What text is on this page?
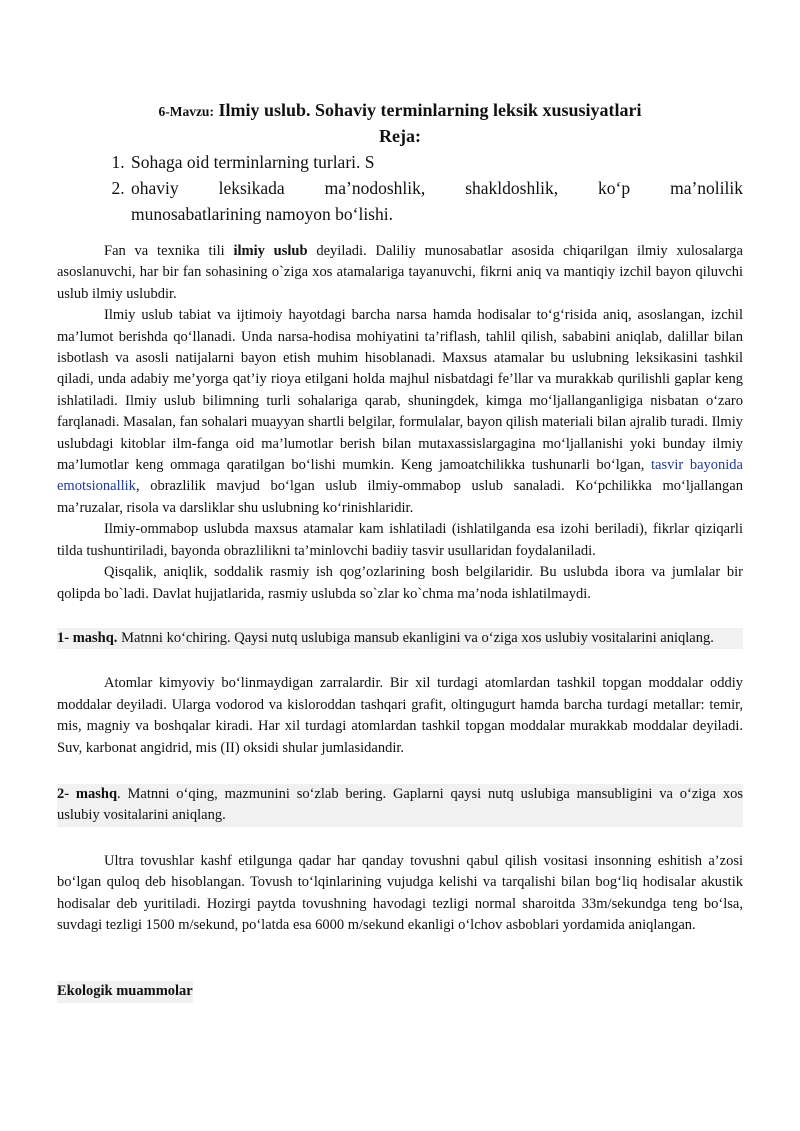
6-Mavzu: Ilmiy uslub. Sohaviy terminlarning leksik xususiyatlari
Reja:
1. Sohaga oid terminlarning turlari. S
2. ohaviy leksikada ma’nodoshlik, shakldoshlik, ko‘p ma’nolilik
munosabatlarining namoyon bo‘lishi.

Fan va texnika tili ilmiy uslub deyiladi. Daliliy munosabatlar asosida chiqarilgan ilmiy xulosalarga asoslanuvchi, har bir fan sohasining o`ziga xos atamalariga tayanuvchi, fikrni aniq va mantiqiy izchil bayon qiluvchi uslub ilmiy uslubdir.

Ilmiy uslub tabiat va ijtimoiy hayotdagi barcha narsa hamda hodisalar to‘g‘risida aniq, asoslangan, izchil ma’lumot berishda qo‘llanadi. Unda narsa-hodisa mohiyatini ta’riflash, tahlil qilish, sababini aniqlab, dalillar bilan isbotlash va asosli natijalarni bayon etish muhim hisoblanadi. Maxsus atamalar bu uslubning leksikasini tashkil qiladi, unda adabiy me’yorga qat’iy rioya etilgani holda majhul nisbatdagi fe’llar va murakkab qurilishli gaplar keng ishlatiladi. Ilmiy uslub bilimning turli sohalariga qarab, shuningdek, kimga mo‘ljallanganligiga nisbatan o‘zaro farqlanadi. Masalan, fan sohalari muayyan shartli belgilar, formulalar, bayon qilish materiali bilan ajralib turadi. Ilmiy uslubdagi kitoblar ilm-fanga oid ma’lumotlar berish bilan mutaxassislargagina mo‘ljallanishi yoki bunday ilmiy ma’lumotlar keng ommaga qaratilgan bo‘lishi mumkin. Keng jamoatchilikka tushunarli bo‘lgan, tasvir bayonida emotsionallik, obrazlilik mavjud bo‘lgan uslub ilmiy-ommabop uslub sanaladi. Ko‘pchilikka mo‘ljallangan ma’ruzalar, risola va darsliklar shu uslubning ko‘rinishlaridir.

Ilmiy-ommabop uslubda maxsus atamalar kam ishlatiladi (ishlatilganda esa izohi beriladi), fikrlar qiziqarli tilda tushuntiriladi, bayonda obrazlilikni ta’minlovchi badiiy tasvir usullaridan foydalaniladi.

Qisqalik, aniqlik, soddalik rasmiy ish qog’ozlarining bosh belgilaridir. Bu uslubda ibora va jumlalar bir qolipda bo`ladi. Davlat hujjatlarida, rasmiy uslubda so`zlar ko`chma ma’noda ishlatilmaydi.

1- mashq. Matnni ko‘chiring. Qaysi nutq uslubiga mansub ekanligini va o‘ziga xos uslubiy vositalarini aniqlang.

Atomlar kimyoviy bo‘linmaydigan zarralardir. Bir xil turdagi atomlardan tashkil topgan moddalar oddiy moddalar deyiladi. Ularga vodorod va kisloroddan tashqari grafit, oltingugurt hamda barcha turdagi metallar: temir, mis, magniy va boshqalar kiradi. Har xil turdagi atomlardan tashkil topgan moddalar murakkab moddalar deyiladi. Suv, karbonat angidrid, mis (II) oksidi shular jumlasidandir.

2- mashq. Matnni o‘qing, mazmunini so‘zlab bering. Gaplarni qaysi nutq uslubiga mansubligini va o‘ziga xos uslubiy vositalarini aniqlang.

Ultra tovushlar kashf etilgunga qadar har qanday tovushni qabul qilish vositasi insonning eshitish a’zosi bo‘lgan quloq deb hisoblangan. Tovush to‘lqinlarining vujudga kelishi va tarqalishi bilan bog‘liq hodisalar akustik hodisalar deb yuritiladi. Hozirgi paytda tovushning havodagi tezligi normal sharoitda 33m/sekundga teng bo‘lsa, suvdagi tezligi 1500 m/sekund, po‘latda esa 6000 m/sekund ekanligi o‘lchov asboblari yordamida aniqlangan.

Ekologik muammolar
